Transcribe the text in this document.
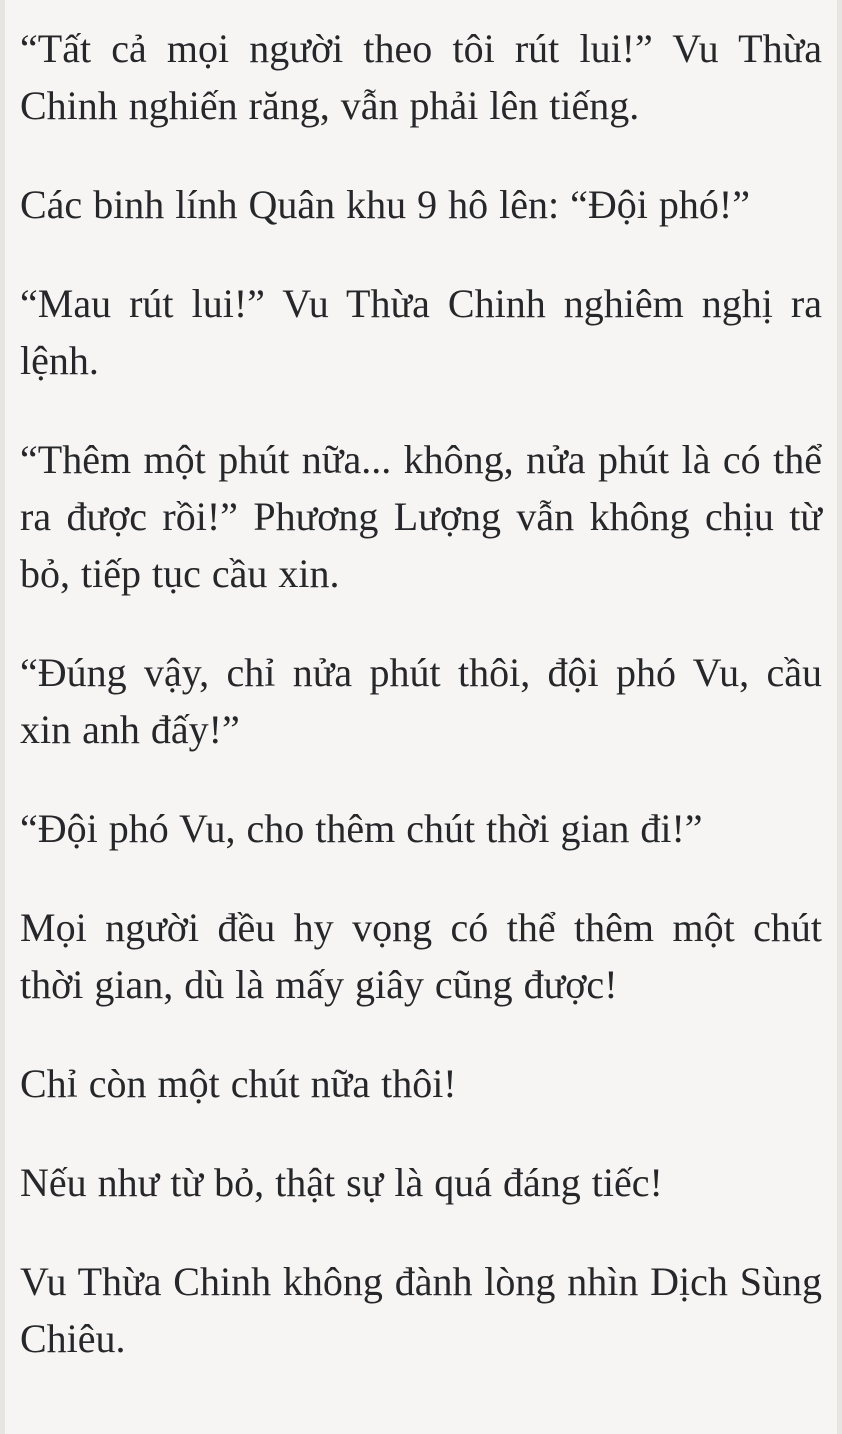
“Tất cả mọi người theo tôi rút lui!” Vu Thừa Chinh nghiến răng, vẫn phải lên tiếng.

Các binh lính Quân khu 9 hô lên: “Đội phó!”

“Mau rút lui!” Vu Thừa Chinh nghiêm nghị ra lệnh.

“Thêm một phút nữa... không, nửa phút là có thể ra được rồi!” Phương Lượng vẫn không chịu từ bỏ, tiếp tục cầu xin.

“Đúng vậy, chỉ nửa phút thôi, đội phó Vu, cầu xin anh đấy!”

“Đội phó Vu, cho thêm chút thời gian đi!”

Mọi người đều hy vọng có thể thêm một chút thời gian, dù là mấy giây cũng được!

Chỉ còn một chút nữa thôi!

Nếu như từ bỏ, thật sự là quá đáng tiếc!

Vu Thừa Chinh không đành lòng nhìn Dịch Sùng Chiêu.
